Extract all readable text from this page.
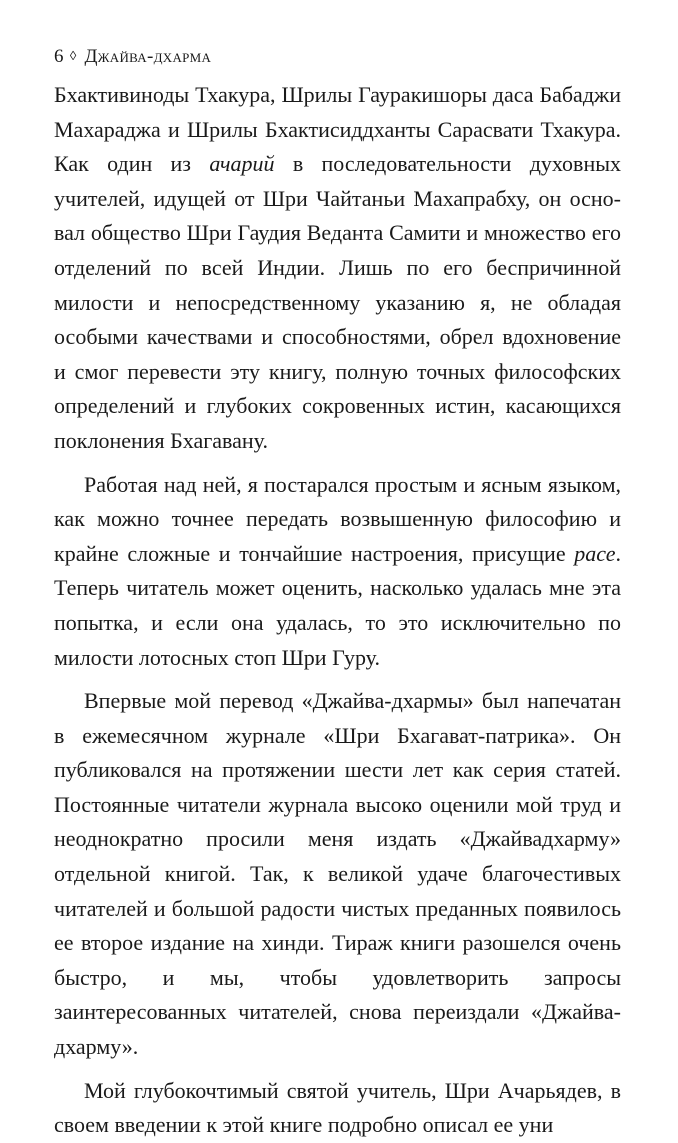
6 ◊ Джайва-дхарма

Бхактивиноды Тхакура, Шрилы Гауракишоры даса Бабаджи Махараджа и Шрилы Бхактисиддханты Сарасвати Тхакура. Как один из ачарий в последовательности духовных учителей, идущей от Шри Чайтаньи Махапрабху, он основал общество Шри Гаудия Веданта Самити и множество его отделений по всей Индии. Лишь по его беспричинной милости и непосредственному указанию я, не обладая особыми качествами и способностями, обрел вдохновение и смог перевести эту книгу, полную точных философских определений и глубоких сокровенных истин, касающихся поклонения Бхагавану.

Работая над ней, я постарался простым и ясным языком, как можно точнее передать возвышенную философию и крайне сложные и тончайшие настроения, присущие расе. Теперь читатель может оценить, насколько удалась мне эта попытка, и если она удалась, то это исключительно по милости лотосных стоп Шри Гуру.

Впервые мой перевод «Джайва-дхармы» был напечатан в ежемесячном журнале «Шри Бхагават-патрика». Он публиковался на протяжении шести лет как серия статей. Постоянные читатели журнала высоко оценили мой труд и неоднократно просили меня издать «Джайвадхарму» отдельной книгой. Так, к великой удаче благочестивых читателей и большой радости чистых преданных появилось ее второе издание на хинди. Тираж книги разошелся очень быстро, и мы, чтобы удовлетворить запросы заинтересованных читателей, снова переиздали «Джайва-дхарму».

Мой глубокочтимый святой учитель, Шри Ачарьядев, в своем введении к этой книге подробно описал ее уни
